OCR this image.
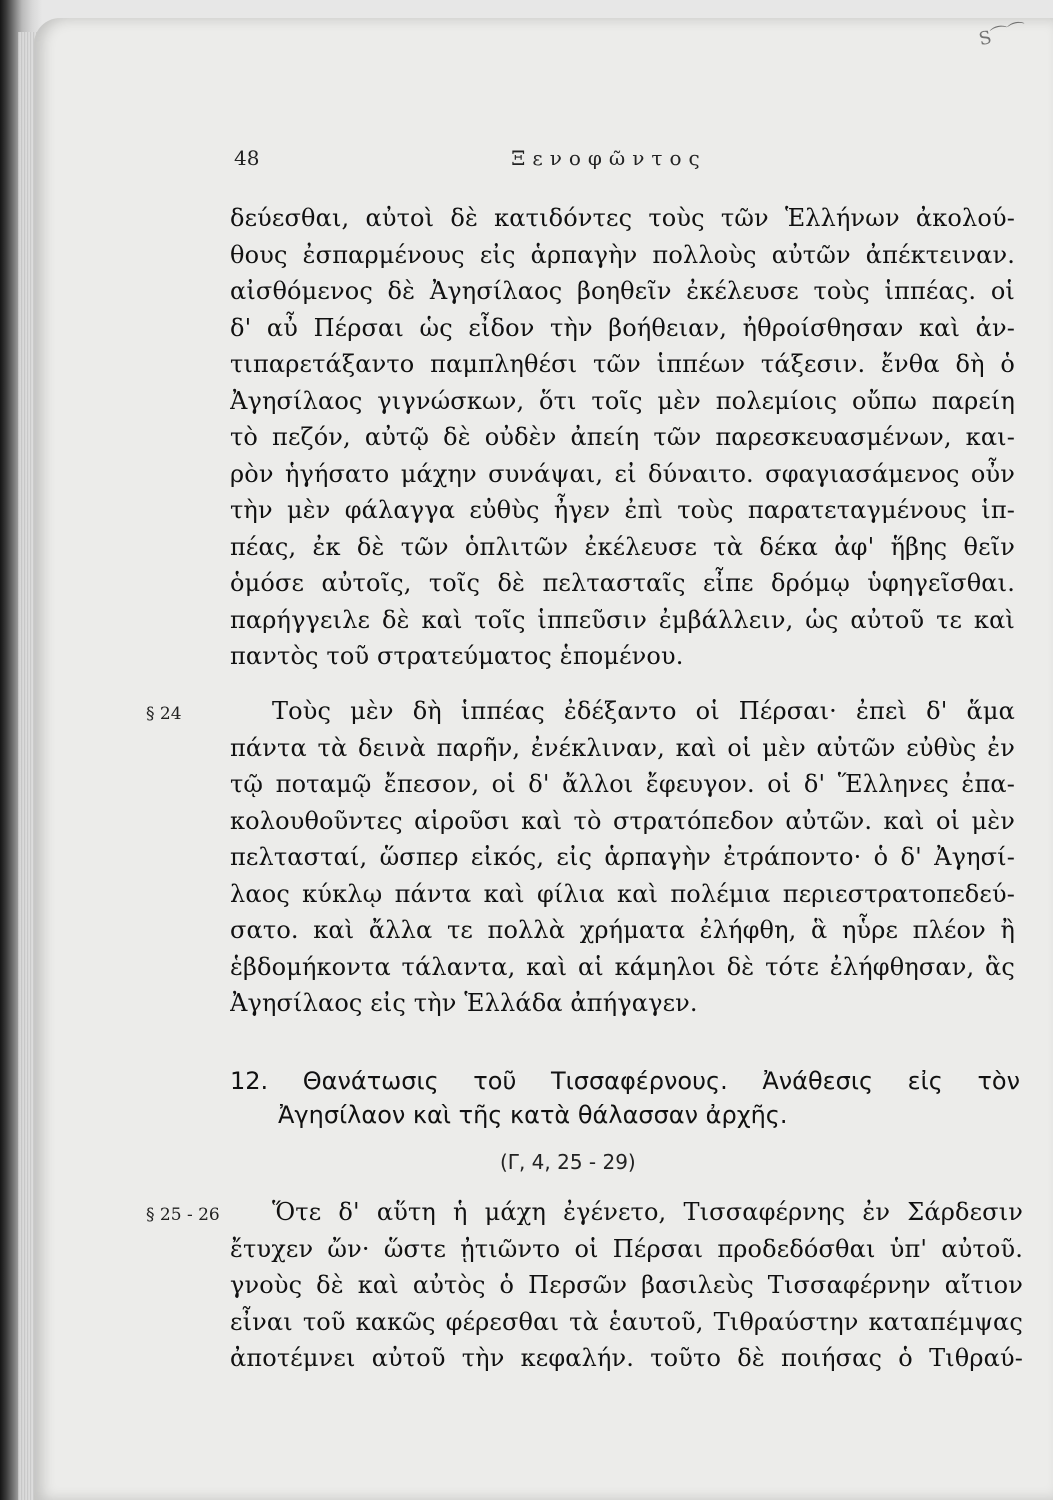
S ⌒ ⌒
48	Ξενοφῶντος
δεύεσθαι, αὐτοὶ δὲ κατιδόντες τοὺς τῶν Ἑλλήνων ἀκολού-
θους ἐσπαρμένους εἰς ἁρπαγὴν πολλοὺς αὐτῶν ἀπέκτειναν.
αἰσθόμενος δὲ Ἀγησίλαος βοηθεῖν ἐκέλευσε τοὺς ἱππέας. οἱ
δ' αὖ Πέρσαι ὡς εἶδον τὴν βοήθειαν, ἠθροίσθησαν καὶ ἀν-
τιπαρετάξαντο παμπληθέσι τῶν ἱππέων τάξεσιν. ἔνθα δὴ ὁ
Ἀγησίλαος γιγνώσκων, ὅτι τοῖς μὲν πολεμίοις οὔπω παρείη
τὸ πεζόν, αὐτῷ δὲ οὐδὲν ἀπείη τῶν παρεσκευασμένων, και-
ρὸν ἡγήσατο μάχην συνάψαι, εἰ δύναιτο. σφαγιασάμενος οὖν
τὴν μὲν φάλαγγα εὐθὺς ἦγεν ἐπὶ τοὺς παρατεταγμένους ἱπ-
πέας, ἐκ δὲ τῶν ὁπλιτῶν ἐκέλευσε τὰ δέκα ἀφ' ἥβης θεῖν
ὁμόσε αὐτοῖς, τοῖς δὲ πελτασταῖς εἶπε δρόμῳ ὑφηγεῖσθαι.
παρήγγειλε δὲ καὶ τοῖς ἱππεῦσιν ἐμβάλλειν, ὡς αὐτοῦ τε καὶ
παντὸς τοῦ στρατεύματος ἑπομένου.
§ 24	Τοὺς μὲν δὴ ἱππέας ἐδέξαντο οἱ Πέρσαι· ἐπεὶ δ' ἅμα
πάντα τὰ δεινὰ παρῆν, ἐνέκλιναν, καὶ οἱ μὲν αὐτῶν εὐθὺς ἐν
τῷ ποταμῷ ἔπεσον, οἱ δ' ἄλλοι ἔφευγον. οἱ δ' Ἕλληνες ἐπα-
κολουθοῦντες αἱροῦσι καὶ τὸ στρατόπεδον αὐτῶν. καὶ οἱ μὲν
πελτασταί, ὥσπερ εἰκός, εἰς ἁρπαγὴν ἐτράποντο· ὁ δ' Ἀγησί-
λαος κύκλῳ πάντα καὶ φίλια καὶ πολέμια περιεστρατοπεδεύ-
σατο. καὶ ἄλλα τε πολλὰ χρήματα ἐλήφθη, ἃ ηὗρε πλέον ἢ
ἑβδομήκοντα τάλαντα, καὶ αἱ κάμηλοι δὲ τότε ἐλήφθησαν, ἃς
Ἀγησίλαος εἰς τὴν Ἑλλάδα ἀπήγαγεν.
12. Θανάτωσις τοῦ Τισσαφέρνους. Ἀνάθεσις εἰς τὸν
Ἀγησίλαον καὶ τῆς κατὰ θάλασσαν ἀρχῆς.
(Γ, 4, 25 - 29)
§ 25 - 26	Ὅτε δ' αὕτη ἡ μάχη ἐγένετο, Τισσαφέρνης ἐν Σάρδεσιν
ἔτυχεν ὤν· ὥστε ᾐτιῶντο οἱ Πέρσαι προδεδόσθαι ὑπ' αὐτοῦ.
γνοὺς δὲ καὶ αὐτὸς ὁ Περσῶν βασιλεὺς Τισσαφέρνην αἴτιον
εἶναι τοῦ κακῶς φέρεσθαι τὰ ἑαυτοῦ, Τιθραύστην καταπέμψας
ἀποτέμνει αὐτοῦ τὴν κεφαλήν. τοῦτο δὲ ποιήσας ὁ Τιθραύ-
